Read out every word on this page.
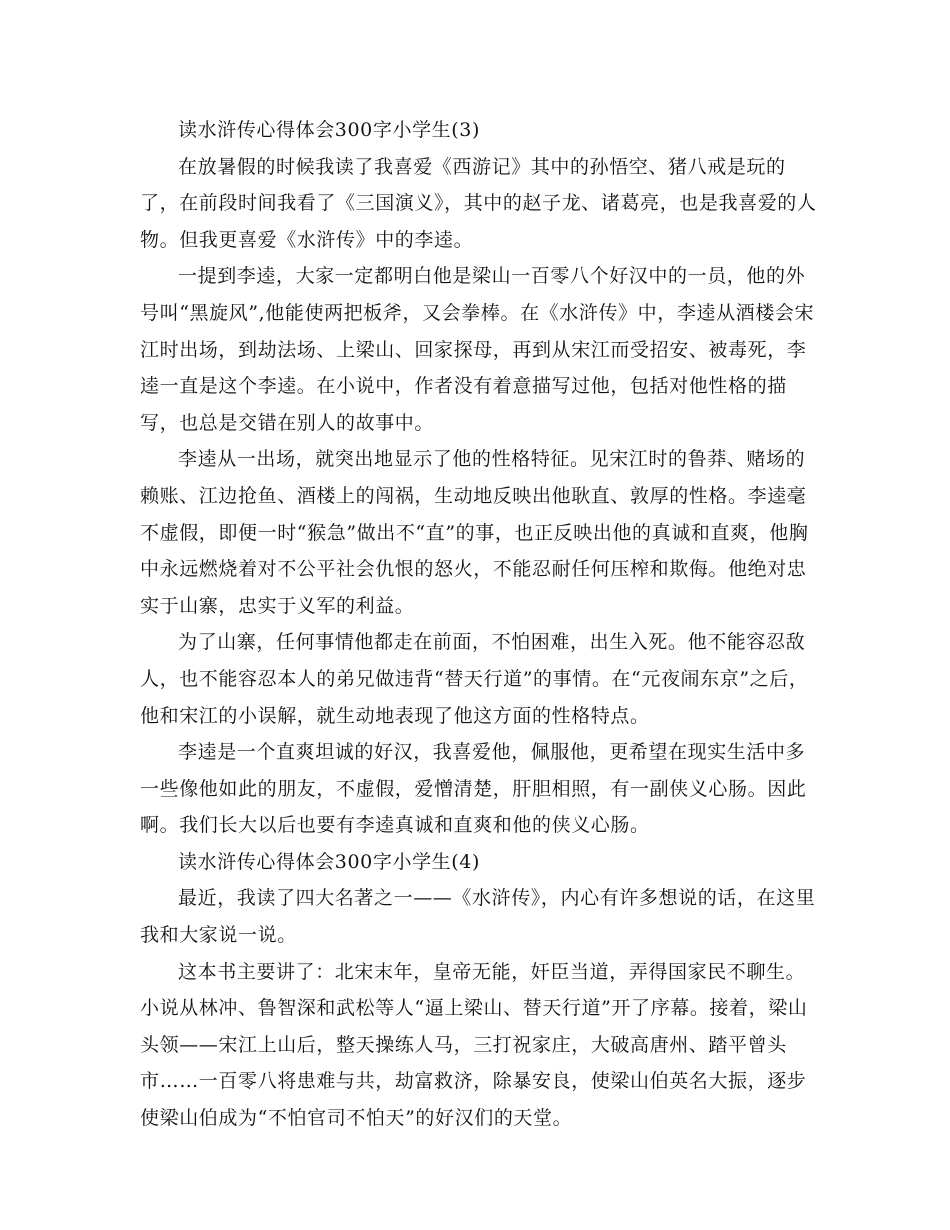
读水浒传心得体会300字小学生(3)

在放暑假的时候我读了我喜爱《西游记》其中的孙悟空、猪八戒是玩的了，在前段时间我看了《三国演义》，其中的赵子龙、诸葛亮，也是我喜爱的人物。但我更喜爱《水浒传》中的李逵。

一提到李逵，大家一定都明白他是梁山一百零八个好汉中的一员，他的外号叫“黑旋风”,他能使两把板斧，又会拳棒。在《水浒传》中，李逵从酒楼会宋江时出场，到劫法场、上梁山、回家探母，再到从宋江而受招安、被毒死，李逵一直是这个李逵。在小说中，作者没有着意描写过他，包括对他性格的描写，也总是交错在别人的故事中。

李逵从一出场，就突出地显示了他的性格特征。见宋江时的鲁莽、赌场的赖账、江边抢鱼、酒楼上的闯祸，生动地反映出他耿直、敦厚的性格。李逵毫不虚假，即便一时“猴急”做出不“直”的事，也正反映出他的真诚和直爽，他胸中永远燃烧着对不公平社会仇恨的怒火，不能忍耐任何压榨和欺侮。他绝对忠实于山寨，忠实于义军的利益。

为了山寨，任何事情他都走在前面，不怕困难，出生入死。他不能容忍敌人，也不能容忍本人的弟兄做违背“替天行道”的事情。在“元夜闹东京”之后，他和宋江的小误解，就生动地表现了他这方面的性格特点。

李逵是一个直爽坦诚的好汉，我喜爱他，佩服他，更希望在现实生活中多一些像他如此的朋友，不虚假，爱憎清楚，肝胆相照，有一副侠义心肠。因此啊。我们长大以后也要有李逵真诚和直爽和他的侠义心肠。

读水浒传心得体会300字小学生(4)

最近，我读了四大名著之一——《水浒传》，内心有许多想说的话，在这里我和大家说一说。

这本书主要讲了：北宋末年，皇帝无能，奸臣当道，弄得国家民不聊生。小说从林冲、鲁智深和武松等人“逼上梁山、替天行道”开了序幕。接着，梁山头领——宋江上山后，整天操练人马，三打祝家庄，大破高唐州、踏平曾头市……一百零八将患难与共，劫富救济，除暴安良，使梁山伯英名大振，逐步使梁山伯成为“不怕官司不怕天”的好汉们的天堂。
